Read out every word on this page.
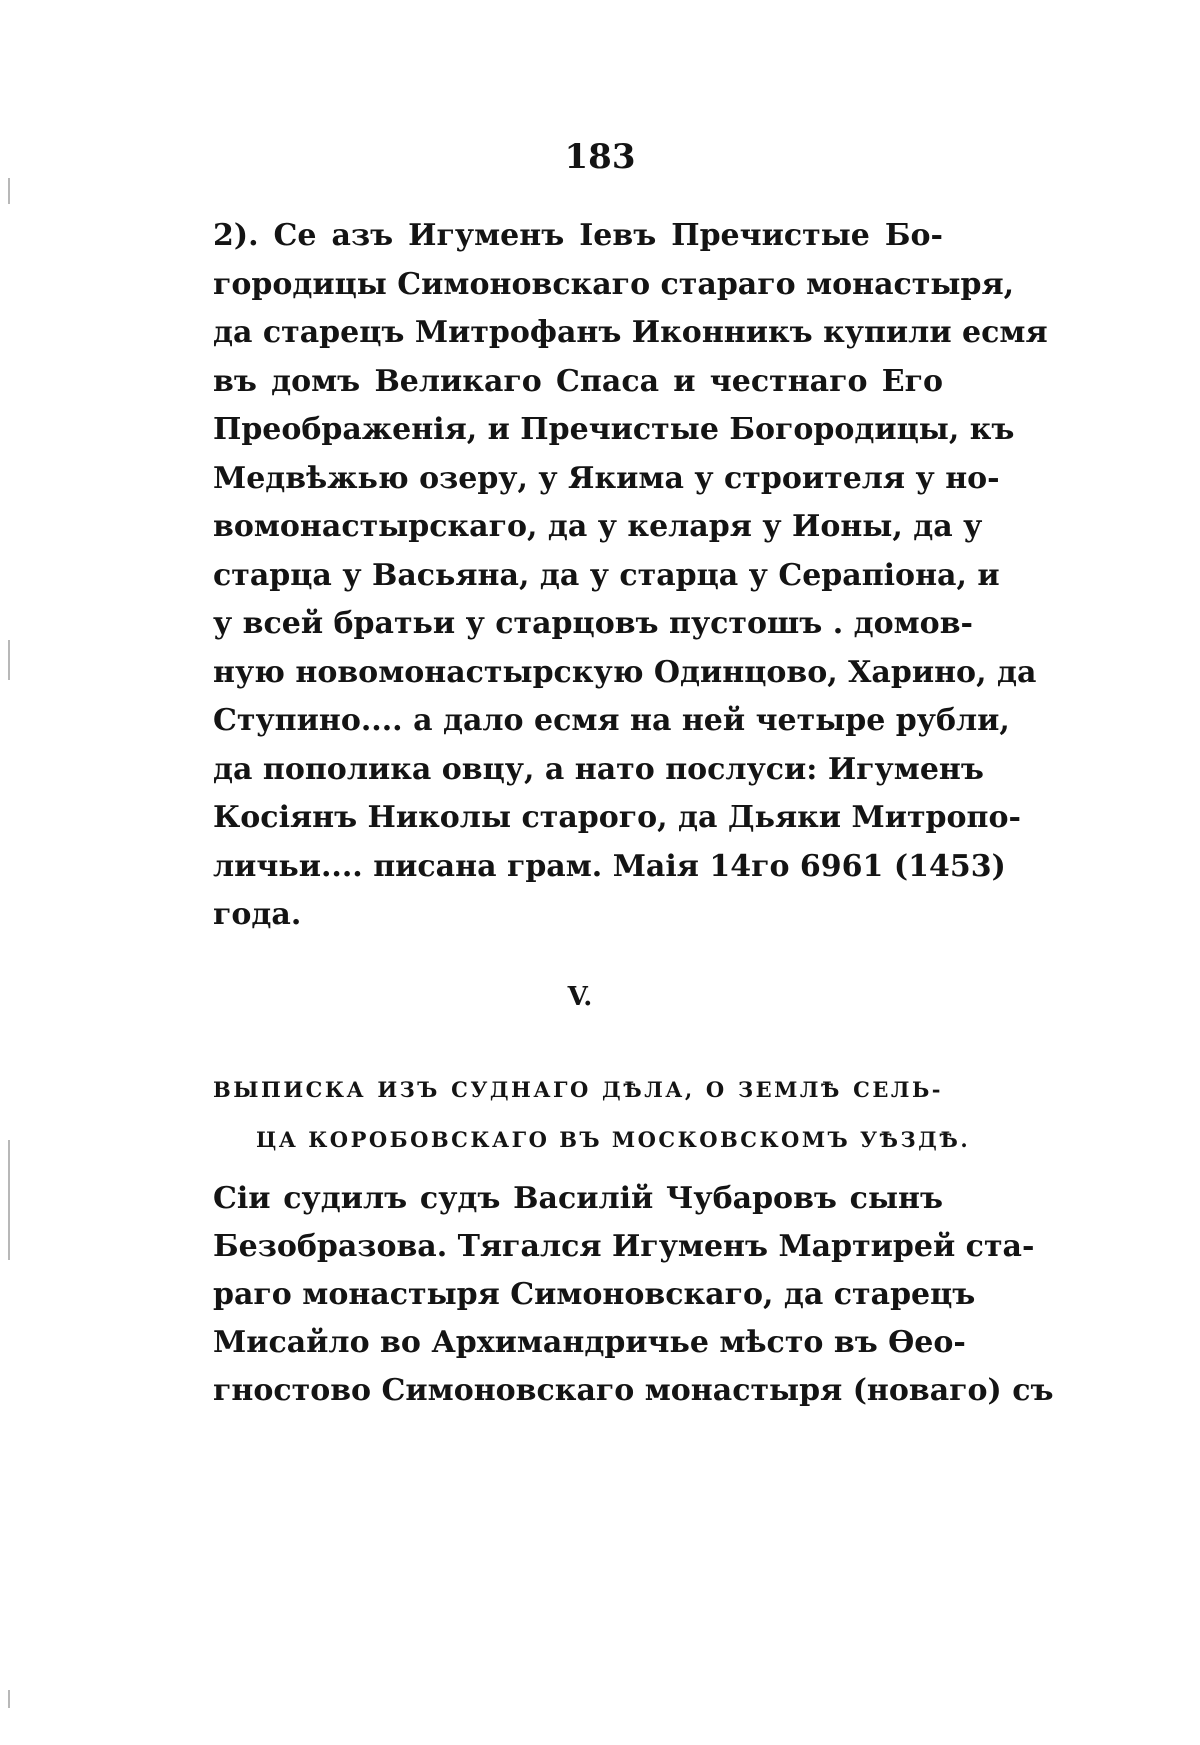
183
2). Се азъ Игуменъ Іевъ Пречистые Бо-
городицы Симоновскаго стараго монастыря,
да старецъ Митрофанъ Иконникъ купили есмя
въ домъ Великаго Спаса и честнаго Его
Преображенія, и Пречистые Богородицы, къ
Медвѣжью озеру, у Якима у строителя у но-
вомонастырскаго, да у келаря у Ионы, да у
старца у Васьяна, да у старца у Серапіона, и
у всей братьи у старцовъ пустошъ . домов-
ную новомонастырскую Одинцово, Харино, да
Ступино.... а дало есмя на ней четыре рубли,
да пополика овцу, а нато послуси: Игуменъ
Косіянъ Николы старого, да Дьяки Митропо-
личьи.... писана грам. Маія 14го 6961 (1453)
года.
V.
ВЫПИСКА ИЗЪ СУДНАГО ДѢЛА, О ЗЕМЛѢ СЕЛЬ-
ЦА КОРОБОВСКАГО ВЪ МОСКОВСКОМЪ УѢЗДѢ.
Сіи судилъ судъ Василій Чубаровъ сынъ
Безобразова. Тягался Игуменъ Мартирей ста-
раго монастыря Симоновскаго, да старецъ
Мисайло во Архимандричье мѣсто въ Ѳео-
гностово Симоновскаго монастыря (новаго) съ
